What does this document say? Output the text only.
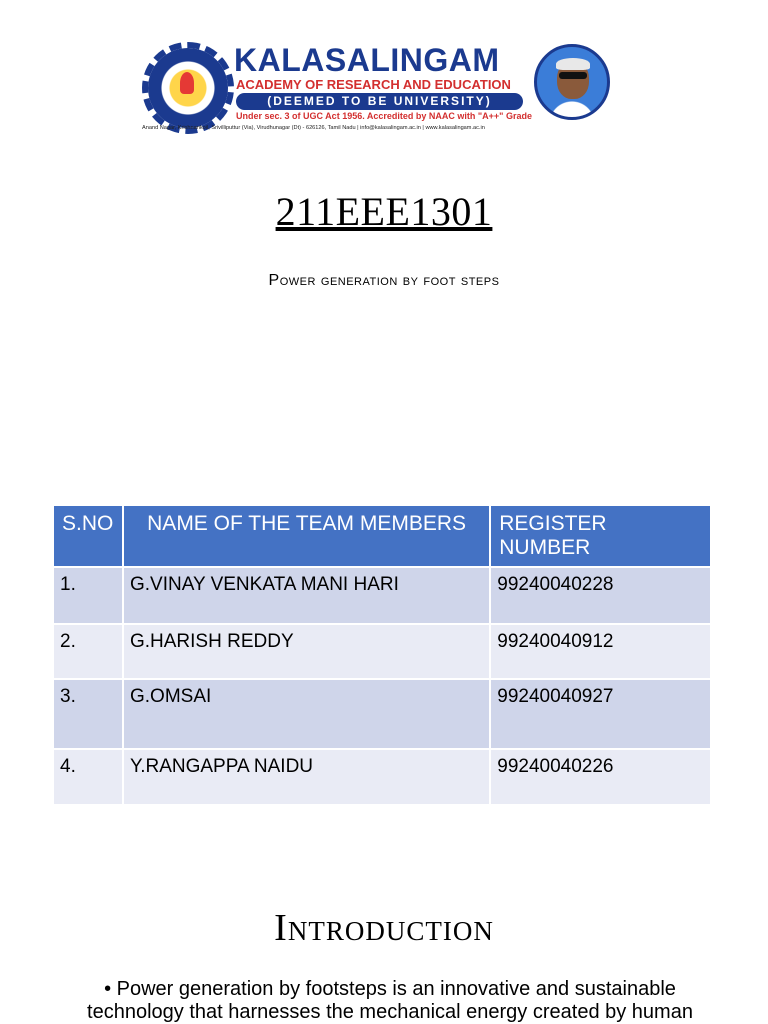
KALASALINGAM
ACADEMY OF RESEARCH AND EDUCATION
(DEEMED TO BE UNIVERSITY)
Under sec. 3 of UGC Act 1956. Accredited by NAAC with "A++" Grade
Anand Nagar, Krishnankoil, Srivilliputtur (Via), Virudhunagar (Dt) - 626126, Tamil Nadu | info@kalasalingam.ac.in | www.kalasalingam.ac.in
211EEE1301
Power generation by foot steps
S.NO	NAME OF THE TEAM MEMBERS	REGISTER NUMBER
1.	G.VINAY VENKATA MANI HARI	99240040228
2.	G.HARISH REDDY	99240040912
3.	G.OMSAI	99240040927
4.	Y.RANGAPPA NAIDU	99240040226
Introduction
• Power generation by footsteps is an innovative and sustainable technology that harnesses the mechanical energy created by human
